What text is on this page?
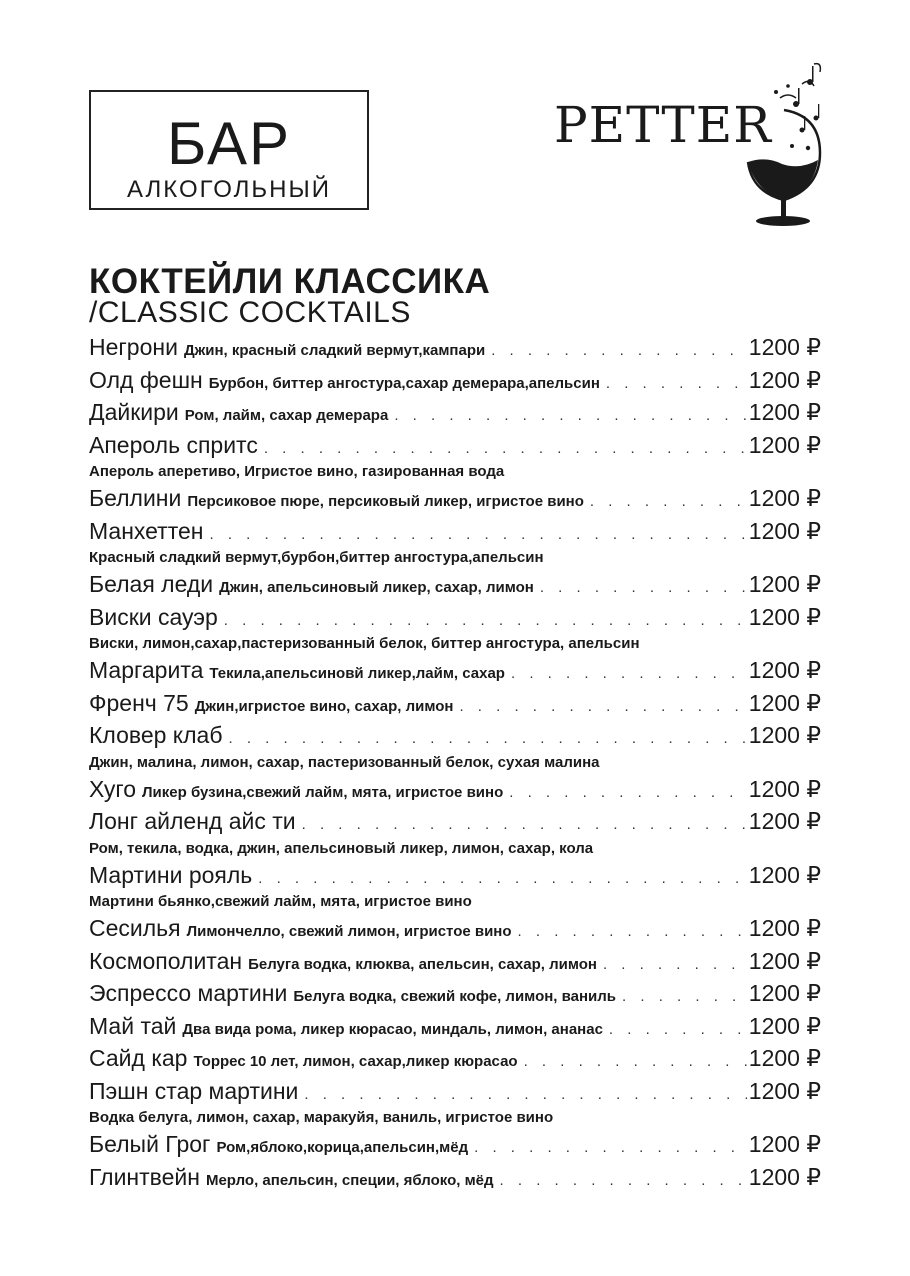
БАР
АЛКОГОЛЬНЫЙ
PETTER
КОКТЕЙЛИ КЛАССИКА
/CLASSIC COCKTAILS
Негрони Джин, красный сладкий вермут,кампари . . .	1200 ₽
Олд фешн Бурбон, биттер ангостура,сахар демерара,апельсин . . .	1200 ₽
Дайкири Ром, лайм, сахар демерара . . .	1200 ₽
Апероль спритс . . .	1200 ₽
Апероль аперетиво, Игристое вино, газированная вода
Беллини Персиковое пюре, персиковый ликер, игристое вино . . .	1200 ₽
Манхеттен . . .	1200 ₽
Красный сладкий вермут,бурбон,биттер ангостура,апельсин
Белая леди Джин, апельсиновый ликер, сахар, лимон . . .	1200 ₽
Виски сауэр . . .	1200 ₽
Виски, лимон,сахар,пастеризованный белок, биттер ангостура, апельсин
Маргарита Текила,апельсиновй ликер,лайм, сахар . . .	1200 ₽
Френч 75 Джин,игристое вино, сахар, лимон . . .	1200 ₽
Кловер клаб . . .	1200 ₽
Джин, малина, лимон, сахар, пастеризованный белок, сухая малина
Хуго Ликер бузина,свежий лайм, мята, игристое вино . . .	1200 ₽
Лонг айленд айс ти . . .	1200 ₽
Ром, текила, водка, джин, апельсиновый ликер, лимон, сахар, кола
Мартини рояль . . .	1200 ₽
Мартини бьянко,свежий лайм, мята, игристое вино
Сесилья Лимончелло, свежий лимон, игристое вино . . .	1200 ₽
Космополитан Белуга водка, клюква, апельсин, сахар, лимон . . .	1200 ₽
Эспрессо мартини Белуга водка, свежий кофе, лимон, ваниль . . .	1200 ₽
Май тай Два вида рома, ликер кюрасао, миндаль, лимон, ананас . . .	1200 ₽
Сайд кар Торрес 10 лет, лимон, сахар,ликер кюрасао . . .	1200 ₽
Пэшн стар мартини . . .	1200 ₽
Водка белуга, лимон, сахар, маракуйя, ваниль, игристое вино
Белый Грог Ром,яблоко,корица,апельсин,мёд . . .	1200 ₽
Глинтвейн Мерло, апельсин, специи, яблоко, мёд . . .	1200 ₽
